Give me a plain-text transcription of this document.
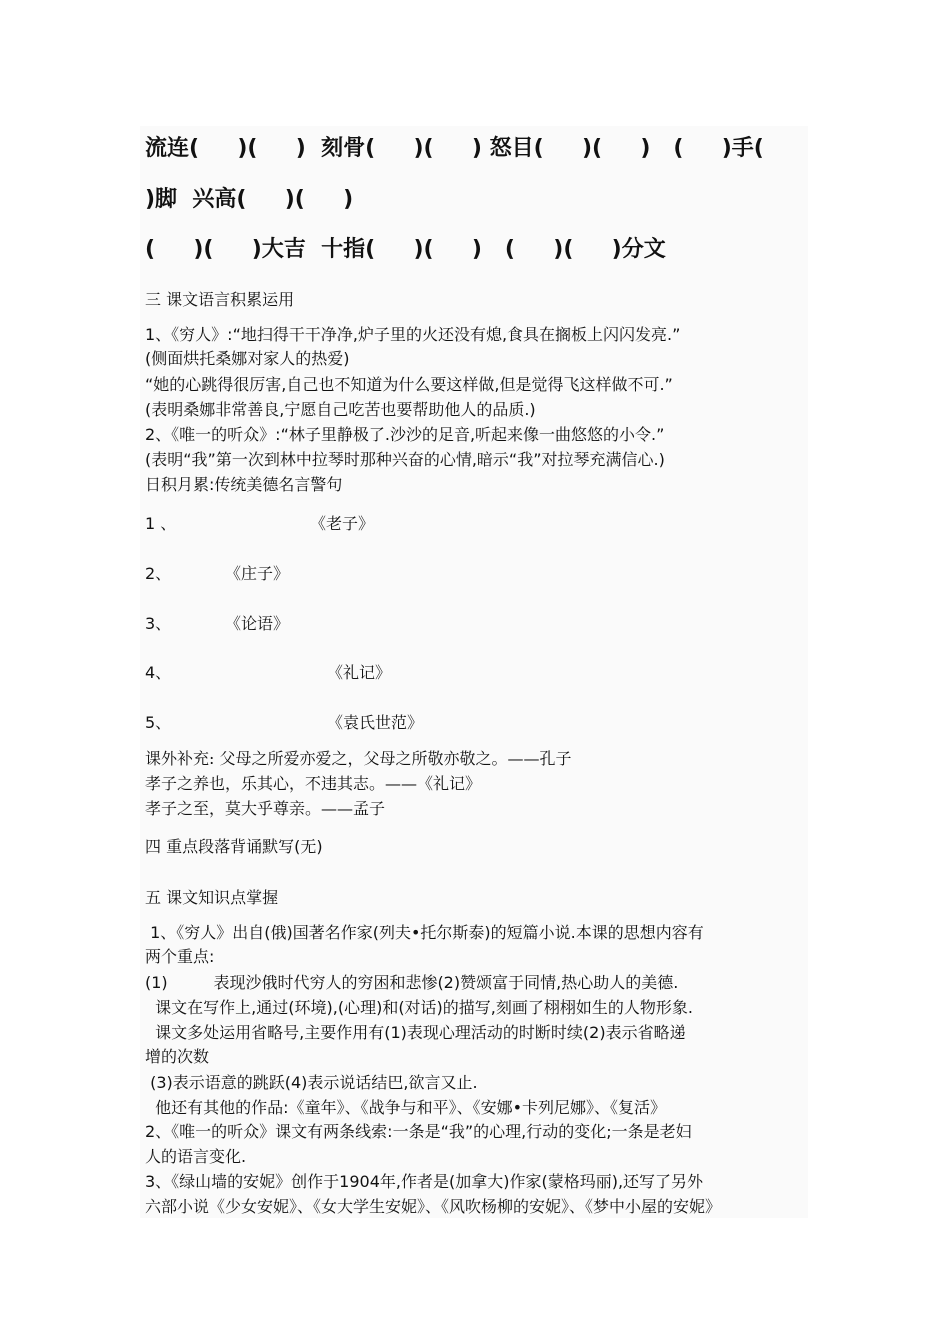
流连(     )(     )  刻骨(     )(     ) 怒目(     )(     )   (     )手(
)脚  兴高(     )(     )
(     )(     )大吉  十指(     )(     )   (     )(     )分文
三 课文语言积累运用
1、《穷人》:“地扫得干干净净,炉子里的火还没有熄,食具在搁板上闪闪发亮.”
(侧面烘托桑娜对家人的热爱)
“她的心跳得很厉害,自己也不知道为什么要这样做,但是觉得飞这样做不可.”
(表明桑娜非常善良,宁愿自己吃苦也要帮助他人的品质.)
2、《唯一的听众》:“林子里静极了.沙沙的足音,听起来像一曲悠悠的小令.”
(表明“我”第一次到林中拉琴时那种兴奋的心情,暗示“我”对拉琴充满信心.)
日积月累:传统美德名言警句
1 、	《老子》
2、	《庄子》
3、	《论语》
4、	《礼记》
5、	《袁氏世范》
课外补充: 父母之所爱亦爱之，父母之所敬亦敬之。——孔子
孝子之养也，乐其心，不违其志。——《礼记》
孝子之至，莫大乎尊亲。——孟子
四 重点段落背诵默写(无)
五 课文知识点掌握
1、《穷人》出自(俄)国著名作家(列夫•托尔斯泰)的短篇小说.本课的思想内容有
两个重点:
(1)         表现沙俄时代穷人的穷困和悲惨(2)赞颂富于同情,热心助人的美德.
课文在写作上,通过(环境),(心理)和(对话)的描写,刻画了栩栩如生的人物形象.
课文多处运用省略号,主要作用有(1)表现心理活动的时断时续(2)表示省略递
增的次数
(3)表示语意的跳跃(4)表示说话结巴,欲言又止.
他还有其他的作品:《童年》、《战争与和平》、《安娜•卡列尼娜》、《复活》
2、《唯一的听众》课文有两条线索:一条是“我”的心理,行动的变化;一条是老妇
人的语言变化.
3、《绿山墙的安妮》创作于1904年,作者是(加拿大)作家(蒙格玛丽),还写了另外
六部小说《少女安妮》、《女大学生安妮》、《风吹杨柳的安妮》、《梦中小屋的安妮》
